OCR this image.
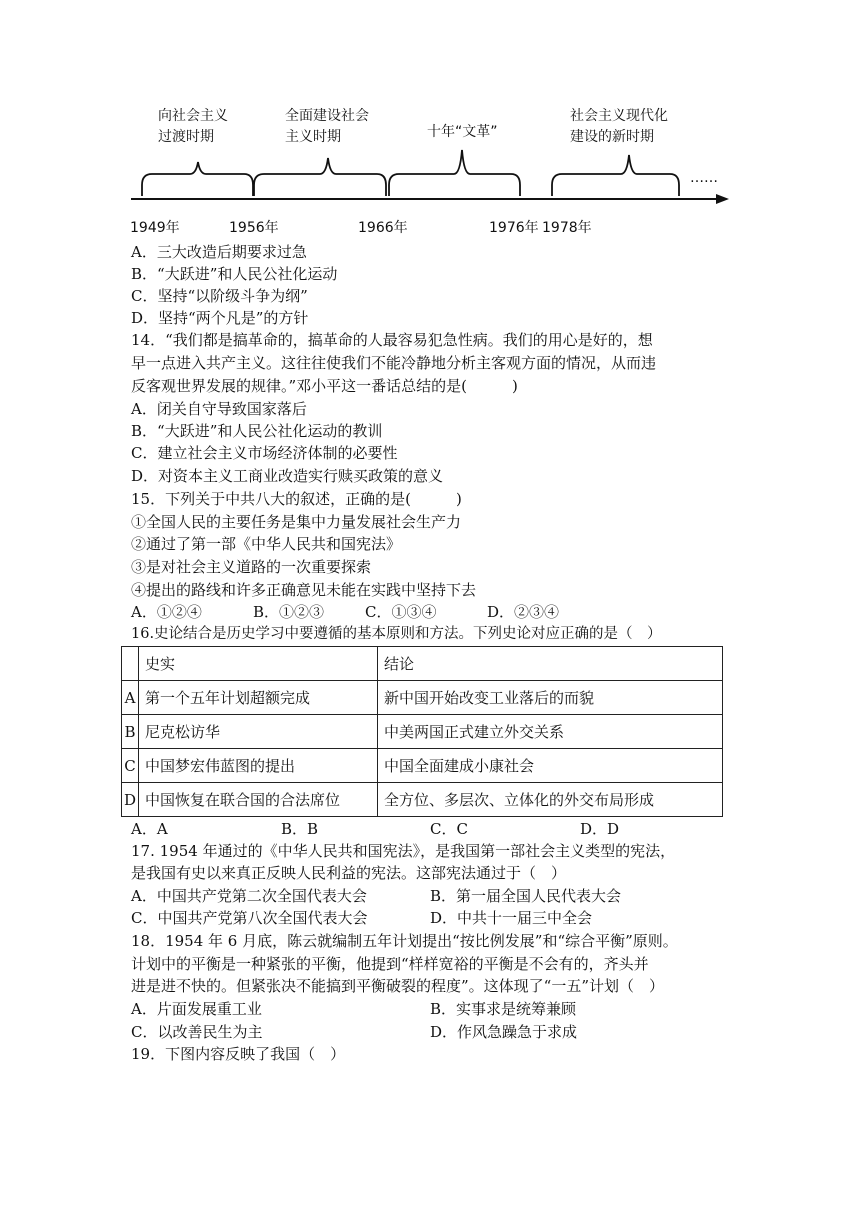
向社会主义
过渡时期
全面建设社会
主义时期	十年“文革”
社会主义现代化
建设的新时期
……
1949年	1956年	1966年	1976年 1978年
A．三大改造后期要求过急
B．“大跃进”和人民公社化运动
C．坚持“以阶级斗争为纲”
D．坚持“两个凡是”的方针
14．“我们都是搞革命的，搞革命的人最容易犯急性病。我们的用心是好的，想
早一点进入共产主义。这往往使我们不能冷静地分析主客观方面的情况，从而违
反客观世界发展的规律。”邓小平这一番话总结的是(　　　)
A．闭关自守导致国家落后
B．“大跃进”和人民公社化运动的教训
C．建立社会主义市场经济体制的必要性
D．对资本主义工商业改造实行赎买政策的意义
15．下列关于中共八大的叙述，正确的是(　　　)
①全国人民的主要任务是集中力量发展社会生产力
②通过了第一部《中华人民共和国宪法》
③是对社会主义道路的一次重要探索
④提出的路线和许多正确意见未能在实践中坚持下去
A．①②④	B．①②③	C．①③④	D．②③④
16.史论结合是历史学习中要遵循的基本原则和方法。下列史论对应正确的是（　）
	史实	结论
A	第一个五年计划超额完成	新中国开始改变工业落后的而貌
B	尼克松访华	中美两国正式建立外交关系
C	中国梦宏伟蓝图的提出	中国全面建成小康社会
D	中国恢复在联合国的合法席位	全方位、多层次、立体化的外交布局形成
A．A	B．B	C．C	D．D
17. 1954 年通过的《中华人民共和国宪法》，是我国第一部社会主义类型的宪法，
是我国有史以来真正反映人民利益的宪法。这部宪法通过于（　）
A．中国共产党第二次全国代表大会	B．第一届全国人民代表大会
C．中国共产党第八次全国代表大会	D．中共十一届三中全会
18．1954 年 6 月底，陈云就编制五年计划提出“按比例发展”和“综合平衡”原则。
计划中的平衡是一种紧张的平衡，他提到“样样宽裕的平衡是不会有的，齐头并
进是进不快的。但紧张决不能搞到平衡破裂的程度”。这体现了“一五”计划（　）
A．片面发展重工业	B．实事求是统筹兼顾
C．以改善民生为主	D．作风急躁急于求成
19．下图内容反映了我国（　）
